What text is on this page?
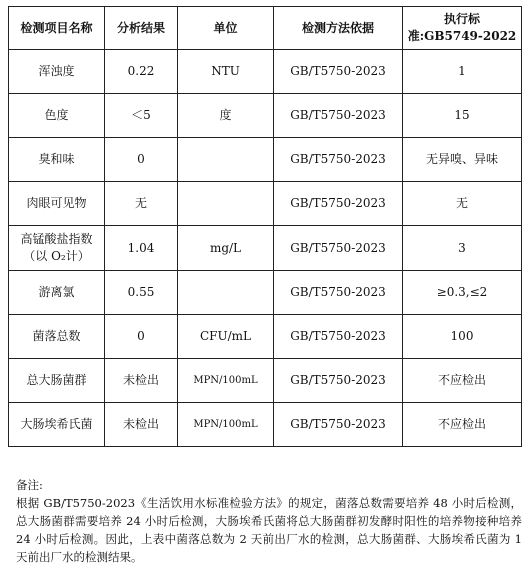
检测项目名称	分析结果	单位	检测方法依据	执行标
准:GB5749-2022

浑浊度	0.22	NTU	GB/T5750-2023	1
色度	＜5	度	GB/T5750-2023	15
臭和味	0		GB/T5750-2023	无异嗅、异味
肉眼可见物	无		GB/T5750-2023	无

高锰酸盐指数
（以 O₂计）	1.04	mg/L	GB/T5750-2023	3
游离氯	0.55		GB/T5750-2023	≥0.3,≤2
菌落总数	0	CFU/mL	GB/T5750-2023	100
总大肠菌群	未检出	MPN/100mL	GB/T5750-2023	不应检出
大肠埃希氏菌	未检出	MPN/100mL	GB/T5750-2023	不应检出

备注:

根据 GB/T5750-2023《生活饮用水标准检验方法》的规定，菌落总数需要培养 48 小时后检测，总大肠菌群需要培养 24 小时后检测，大肠埃希氏菌将总大肠菌群初发酵时阳性的培养物接种培养 24 小时后检测。因此，上表中菌落总数为 2 天前出厂水的检测，总大肠菌群、大肠埃希氏菌为 1 天前出厂水的检测结果。
